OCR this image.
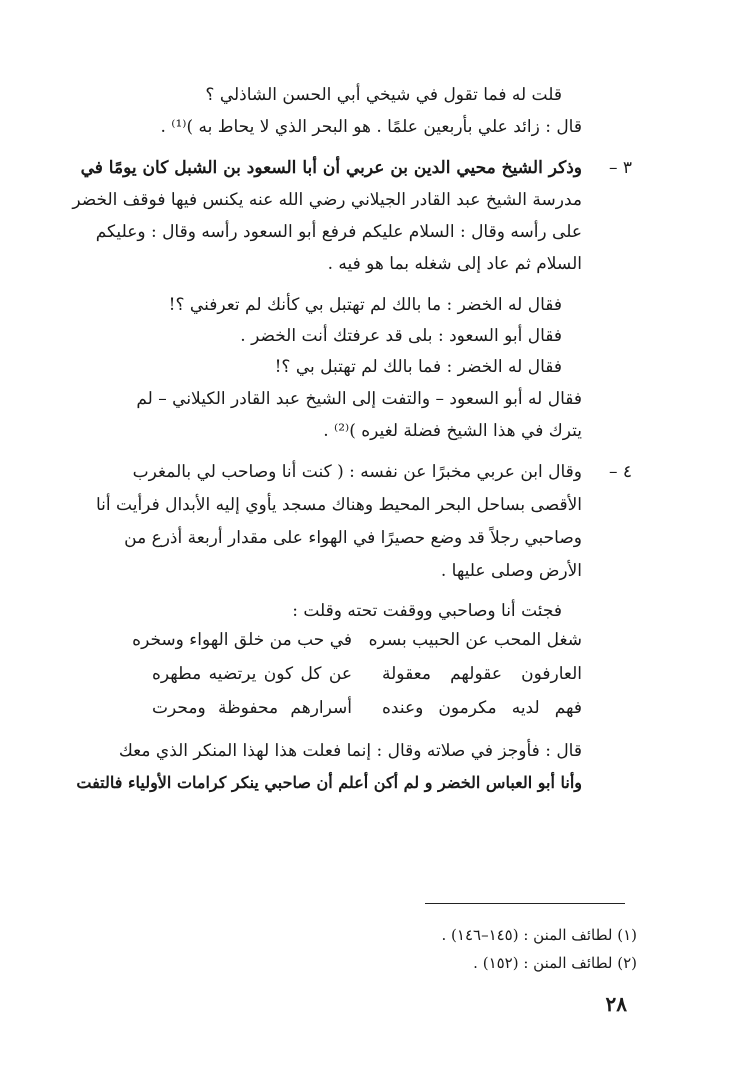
قلت له فما تقول في شيخي أبي الحسن الشاذلي ؟
قال : زائد علي بأربعين علمًا . هو البحر الذي لا يحاط به )⁽¹⁾ .
٣ –
وذكر الشيخ محيي الدين بن عربي أن أبا السعود بن الشبل كان يومًا في
مدرسة الشيخ عبد القادر الجيلاني رضي الله عنه يكنس فيها فوقف الخضر
على رأسه وقال : السلام عليكم فرفع أبو السعود رأسه وقال : وعليكم
السلام ثم عاد إلى شغله بما هو فيه .
فقال له الخضر : ما بالك لم تهتبل بي كأنك لم تعرفني ؟!
فقال أبو السعود : بلى قد عرفتك أنت الخضر .
فقال له الخضر : فما بالك لم تهتبل بي ؟!
فقال له أبو السعود – والتفت إلى الشيخ عبد القادر الكيلاني – لم
يترك في هذا الشيخ فضلة لغيره )⁽²⁾ .
٤ –
وقال ابن عربي مخبرًا عن نفسه : ( كنت أنا وصاحب لي بالمغرب
الأقصى بساحل البحر المحيط وهناك مسجد يأوي إليه الأبدال فرأيت أنا
وصاحبي رجلاً قد وضع حصيرًا في الهواء على مقدار أربعة أذرع من
الأرض وصلى عليها .
فجئت أنا وصاحبي ووقفت تحته وقلت :
شغل المحب عن الحبيب بسره
في حب من خلق الهواء وسخره
العارفون عقولهم معقولة
عن كل كون يرتضيه مطهره
فهم لديه مكرمون وعنده
أسرارهم محفوظة ومحرت
قال : فأوجز في صلاته وقال : إنما فعلت هذا لهذا المنكر الذي معك
وأنا أبو العباس الخضر و لم أكن أعلم أن صاحبي ينكر كرامات الأولياء فالتفت
(١) لطائف المنن : (١٤٥–١٤٦) .
(٢) لطائف المنن : (١٥٢) .
٢٨
